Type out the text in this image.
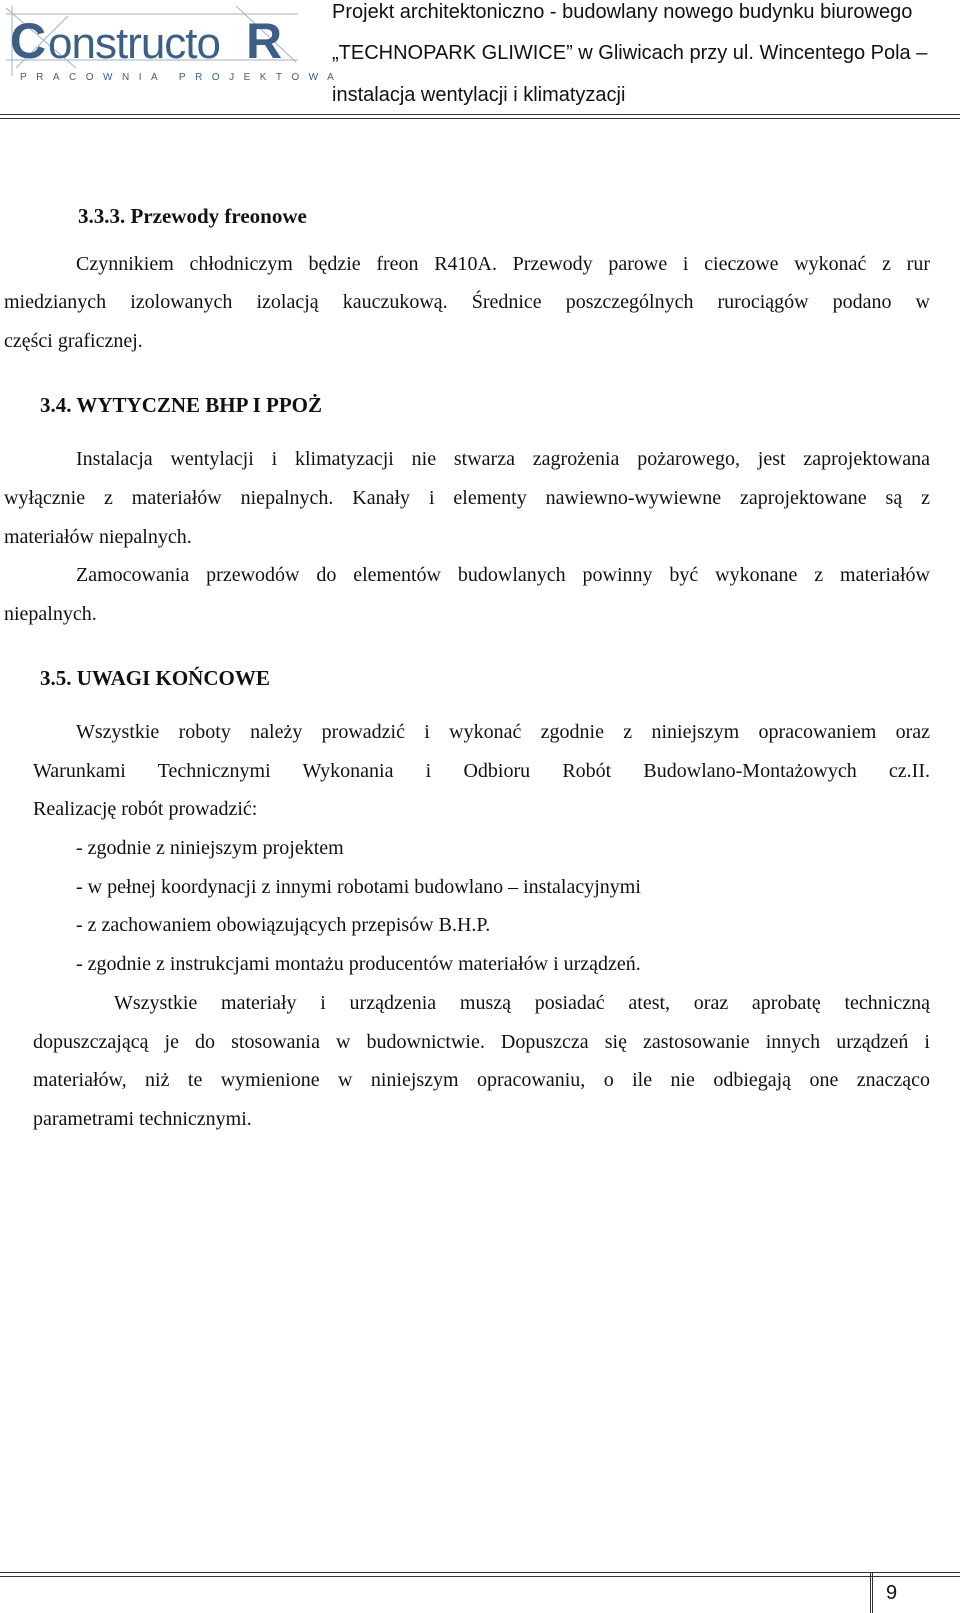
C onstructo R
PRACOWNIA PROJEKTOWA
Projekt architektoniczno - budowlany nowego budynku biurowego
„TECHNOPARK GLIWICE” w Gliwicach przy ul. Wincentego Pola –
instalacja wentylacji i klimatyzacji
3.3.3. Przewody freonowe
Czynnikiem chłodniczym będzie freon R410A. Przewody parowe i cieczowe wykonać z rur
miedzianych izolowanych izolacją kauczukową. Średnice poszczególnych rurociągów podano w
części graficznej.
3.4. WYTYCZNE BHP I PPOŻ
Instalacja wentylacji i klimatyzacji nie stwarza zagrożenia pożarowego, jest zaprojektowana
wyłącznie z materiałów niepalnych. Kanały i elementy nawiewno-wywiewne zaprojektowane są z
materiałów niepalnych.
Zamocowania przewodów do elementów budowlanych powinny być wykonane z materiałów
niepalnych.
3.5. UWAGI KOŃCOWE
Wszystkie roboty należy prowadzić i wykonać zgodnie z niniejszym opracowaniem oraz
Warunkami Technicznymi Wykonania i Odbioru Robót Budowlano-Montażowych cz.II.
Realizację robót prowadzić:
- zgodnie z niniejszym projektem
- w pełnej koordynacji z innymi robotami budowlano – instalacyjnymi
- z zachowaniem obowiązujących przepisów B.H.P.
- zgodnie z instrukcjami montażu producentów materiałów i urządzeń.
Wszystkie materiały i urządzenia muszą posiadać atest, oraz aprobatę techniczną
dopuszczającą je do stosowania w budownictwie. Dopuszcza się zastosowanie innych urządzeń i
materiałów, niż te wymienione w niniejszym opracowaniu, o ile nie odbiegają one znacząco
parametrami technicznymi.
9
